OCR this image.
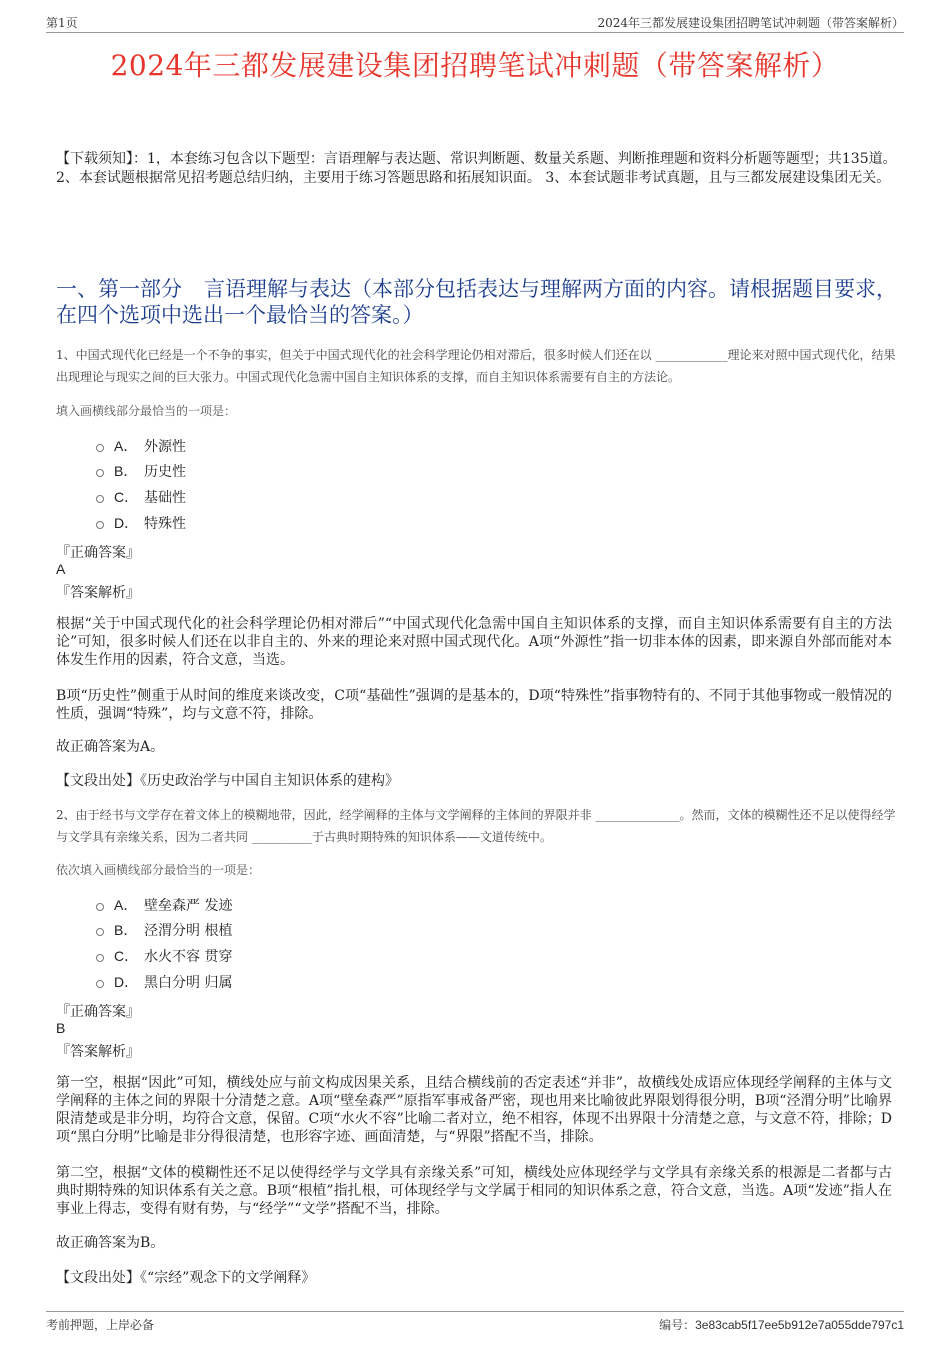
第1页	2024年三都发展建设集团招聘笔试冲刺题（带答案解析）
2024年三都发展建设集团招聘笔试冲刺题（带答案解析）
【下载须知】：1，本套练习包含以下题型：言语理解与表达题、常识判断题、数量关系题、判断推理题和资料分析题等题型；共135道。 2、本套试题根据常见招考题总结归纳，主要用于练习答题思路和拓展知识面。 3、本套试题非考试真题，且与三都发展建设集团无关。
一、第一部分 言语理解与表达（本部分包括表达与理解两方面的内容。请根据题目要求，在四个选项中选出一个最恰当的答案。）
1、中国式现代化已经是一个不争的事实，但关于中国式现代化的社会科学理论仍相对滞后，很多时候人们还在以 ____________理论来对照中国式现代化，结果出现理论与现实之间的巨大张力。中国式现代化急需中国自主知识体系的支撑，而自主知识体系需要有自主的方法论。
填入画横线部分最恰当的一项是：
A． 外源性
B． 历史性
C． 基础性
D． 特殊性
『正确答案』
A
『答案解析』
根据“关于中国式现代化的社会科学理论仍相对滞后”“中国式现代化急需中国自主知识体系的支撑，而自主知识体系需要有自主的方法论”可知，很多时候人们还在以非自主的、外来的理论来对照中国式现代化。A项“外源性”指一切非本体的因素，即来源自外部而能对本体发生作用的因素，符合文意，当选。
B项“历史性”侧重于从时间的维度来谈改变，C项“基础性”强调的是基本的，D项“特殊性”指事物特有的、不同于其他事物或一般情况的性质，强调“特殊”，均与文意不符，排除。
故正确答案为A。
【文段出处】《历史政治学与中国自主知识体系的建构》
2、由于经书与文学存在着文体上的模糊地带，因此，经学阐释的主体与文学阐释的主体间的界限并非 ______________。然而，文体的模糊性还不足以使得经学与文学具有亲缘关系，因为二者共同 __________于古典时期特殊的知识体系——文道传统中。
依次填入画横线部分最恰当的一项是：
A． 壁垒森严 发迹
B． 泾渭分明 根植
C． 水火不容 贯穿
D． 黑白分明 归属
『正确答案』
B
『答案解析』
第一空，根据“因此”可知，横线处应与前文构成因果关系，且结合横线前的否定表述“并非”，故横线处成语应体现经学阐释的主体与文学阐释的主体之间的界限十分清楚之意。A项“壁垒森严”原指军事戒备严密，现也用来比喻彼此界限划得很分明，B项“泾渭分明”比喻界限清楚或是非分明，均符合文意，保留。C项“水火不容”比喻二者对立，绝不相容，体现不出界限十分清楚之意，与文意不符，排除；D项“黑白分明”比喻是非分得很清楚，也形容字迹、画面清楚，与“界限”搭配不当，排除。
第二空，根据“文体的模糊性还不足以使得经学与文学具有亲缘关系”可知，横线处应体现经学与文学具有亲缘关系的根源是二者都与古典时期特殊的知识体系有关之意。B项“根植”指扎根，可体现经学与文学属于相同的知识体系之意，符合文意，当选。A项“发迹”指人在事业上得志，变得有财有势，与“经学”“文学”搭配不当，排除。
故正确答案为B。
【文段出处】《“宗经”观念下的文学阐释》
考前押题，上岸必备	编号：3e83cab5f17ee5b912e7a055dde797c1
